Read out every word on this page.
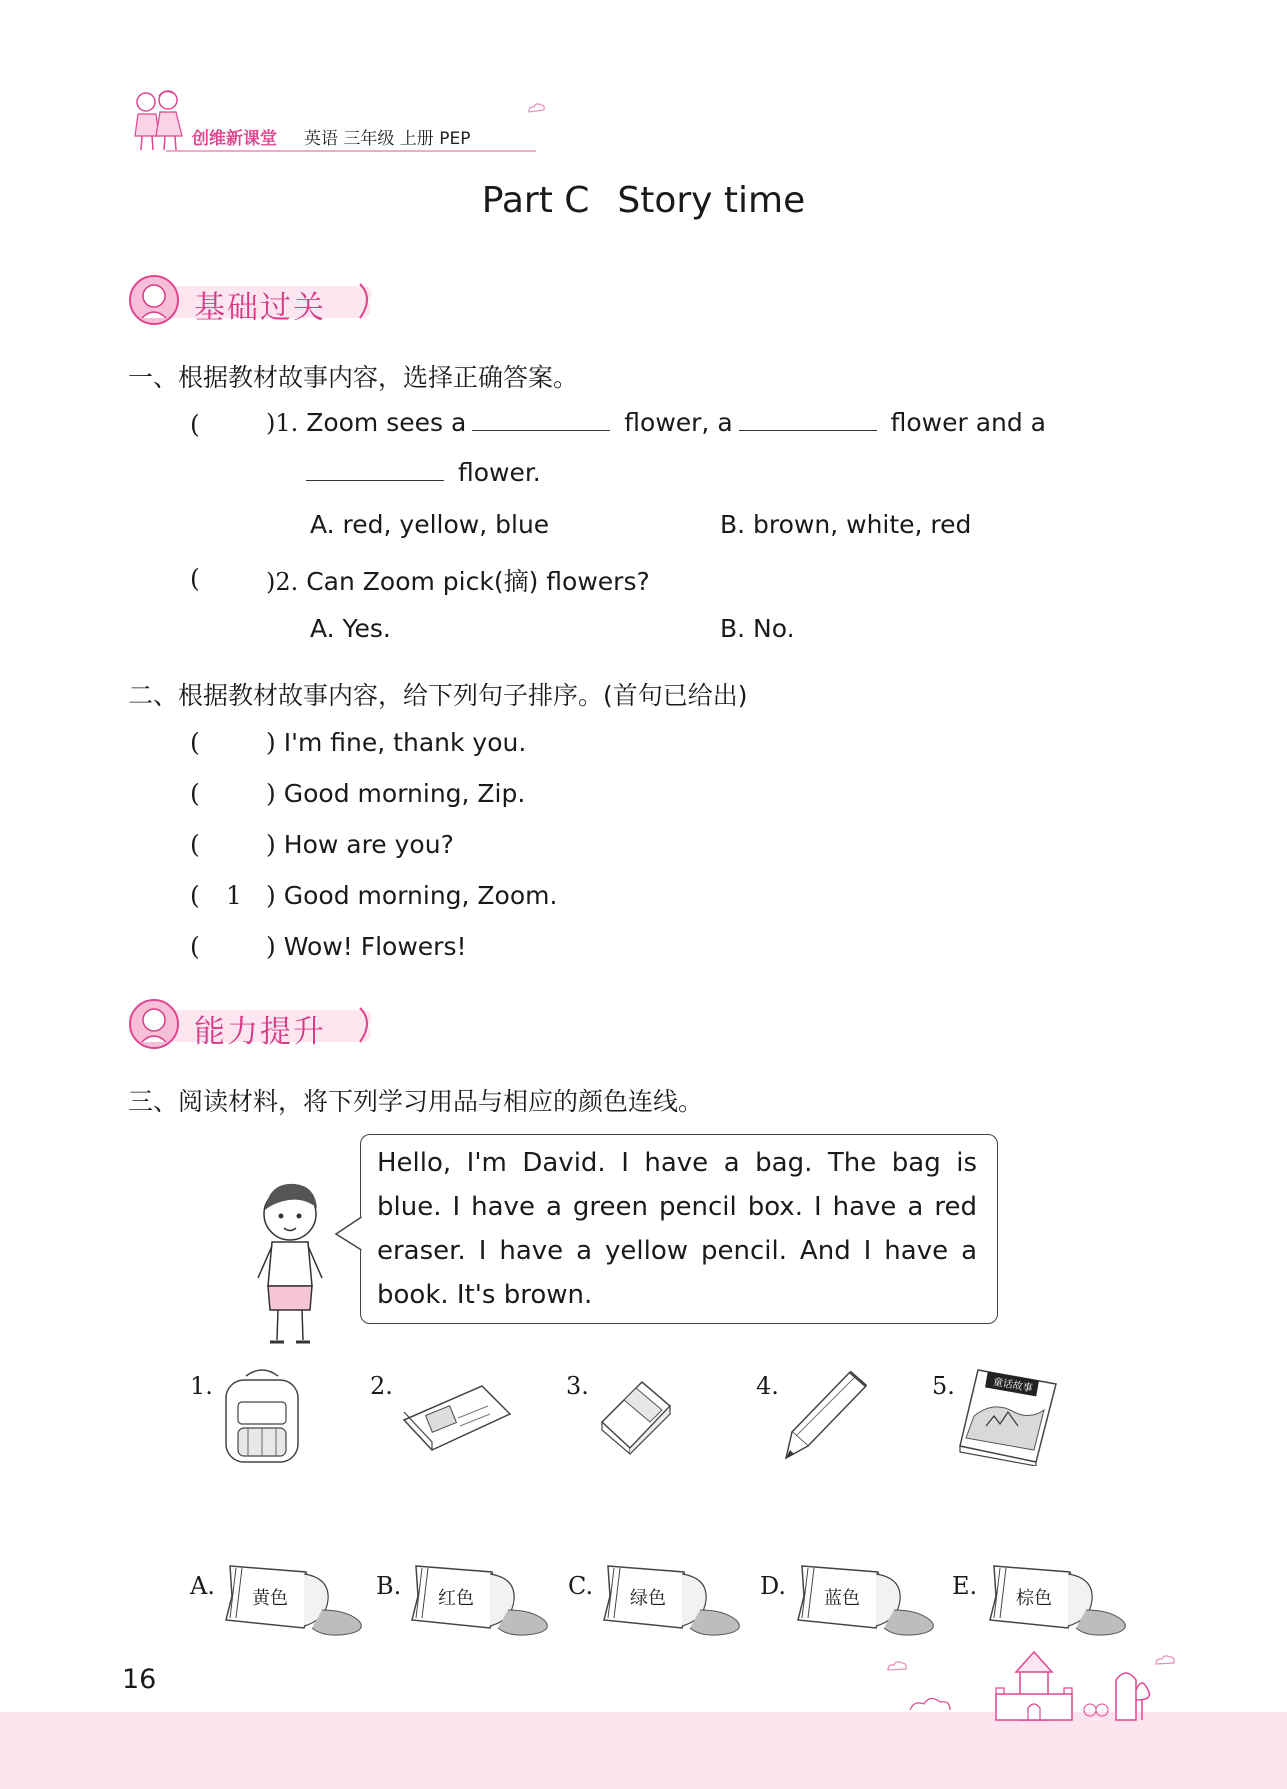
创维新课堂 英语 三年级 上册 PEP
Part C Story time
基础过关
一、根据教材故事内容，选择正确答案。
(	)1. Zoom sees a	flower, a	flower and a
flower.
A. red, yellow, blue	B. brown, white, red
(	)2. Can Zoom pick(摘) flowers?
A. Yes.	B. No.
二、根据教材故事内容，给下列句子排序。(首句已给出)
(	) I'm fine, thank you.
(	) Good morning, Zip.
(	) How are you?
( 1 ) Good morning, Zoom.
(	) Wow! Flowers!
能力提升
三、阅读材料，将下列学习用品与相应的颜色连线。
Hello, I'm David. I have a bag. The bag is blue. I have a green pencil box. I have a red eraser. I have a yellow pencil. And I have a book. It's brown.
1.	2.	3.	4.	5.	童话故事
A. 黄色	B. 红色	C. 绿色	D. 蓝色	E. 棕色
16
